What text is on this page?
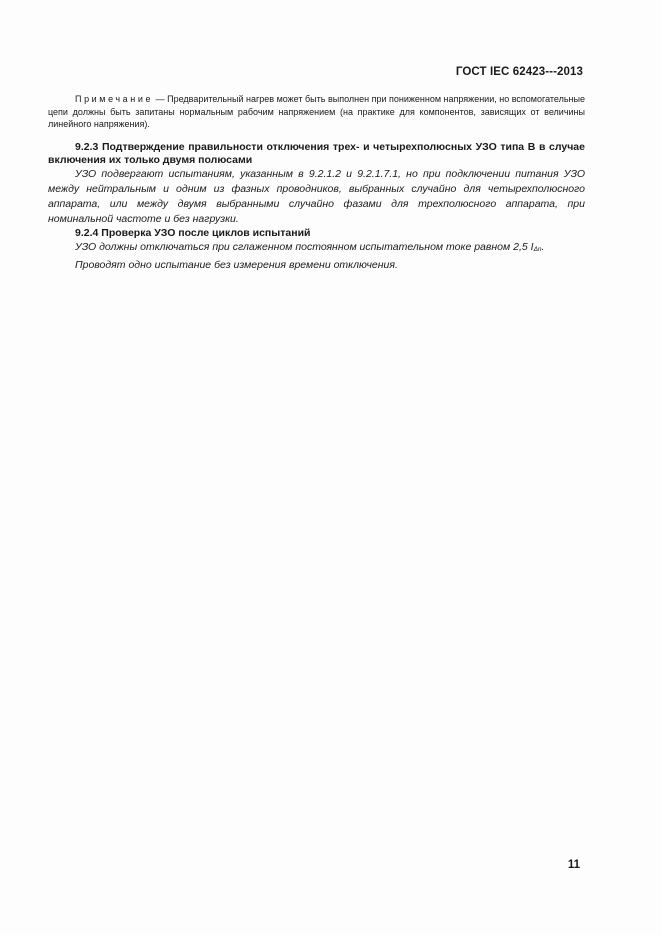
ГОСТ IEC 62423---2013

Примечание — Предварительный нагрев может быть выполнен при пониженном напряжении, но вспомогательные цепи должны быть запитаны нормальным рабочим напряжением (на практике для компонентов, зависящих от величины линейного напряжения).

9.2.3 Подтверждение правильности отключения трех- и четырехполюсных УЗО типа В в случае включения их только двумя полюсами

УЗО подвергают испытаниям, указанным в 9.2.1.2 и 9.2.1.7.1, но при подключении питания УЗО между нейтральным и одним из фазных проводников, выбранных случайно для четырехполюсного аппарата, или между двумя выбранными случайно фазами для трехполюсного аппарата, при номинальной частоте и без нагрузки.

9.2.4 Проверка УЗО после циклов испытаний

УЗО должны отключаться при сглаженном постоянном испытательном токе равном 2,5 IΔn.

Проводят одно испытание без измерения времени отключения.

11
